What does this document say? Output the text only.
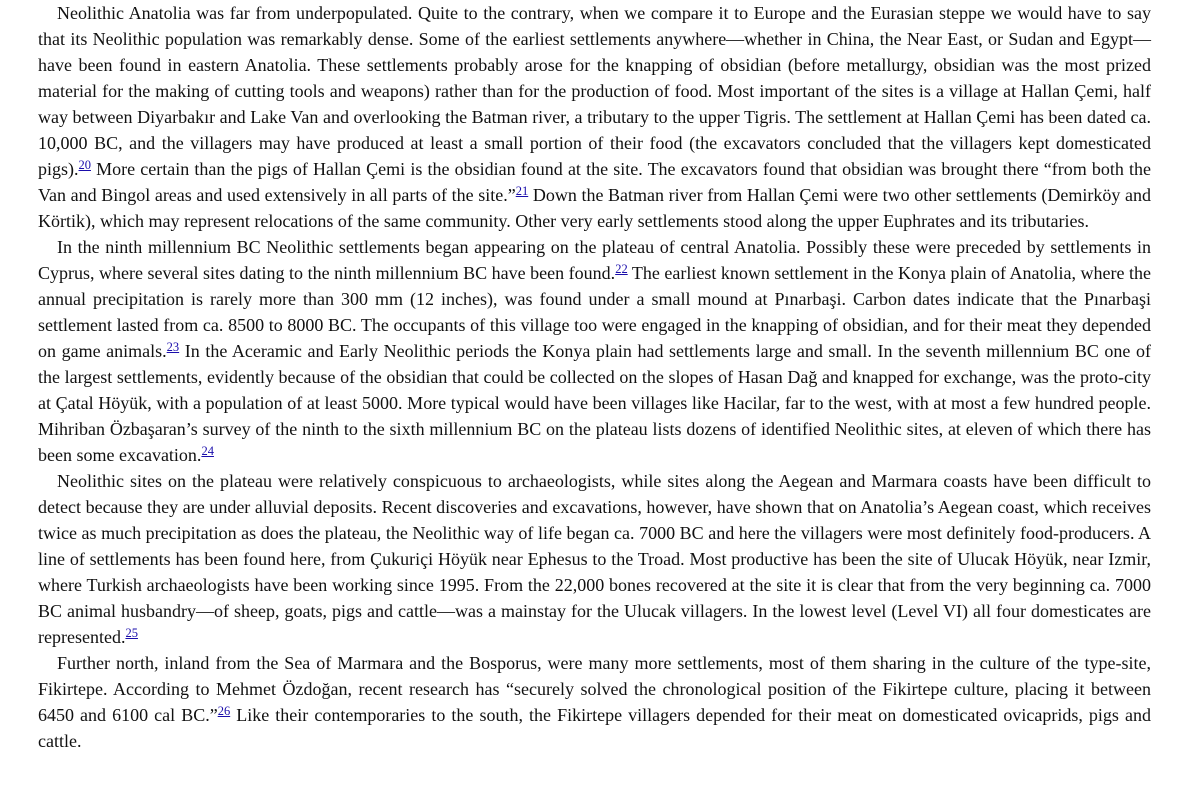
Neolithic Anatolia was far from underpopulated. Quite to the contrary, when we compare it to Europe and the Eurasian steppe we would have to say that its Neolithic population was remarkably dense. Some of the earliest settlements anywhere—whether in China, the Near East, or Sudan and Egypt—have been found in eastern Anatolia. These settlements probably arose for the knapping of obsidian (before metallurgy, obsidian was the most prized material for the making of cutting tools and weapons) rather than for the production of food. Most important of the sites is a village at Hallan Çemi, half way between Diyarbakır and Lake Van and overlooking the Batman river, a tributary to the upper Tigris. The settlement at Hallan Çemi has been dated ca. 10,000 BC, and the villagers may have produced at least a small portion of their food (the excavators concluded that the villagers kept domesticated pigs).$^{20}$ More certain than the pigs of Hallan Çemi is the obsidian found at the site. The excavators found that obsidian was brought there “from both the Van and Bingol areas and used extensively in all parts of the site.”$^{21}$ Down the Batman river from Hallan Çemi were two other settlements (Demirköy and Körtik), which may represent relocations of the same community. Other very early settlements stood along the upper Euphrates and its tributaries.

In the ninth millennium BC Neolithic settlements began appearing on the plateau of central Anatolia. Possibly these were preceded by settlements in Cyprus, where several sites dating to the ninth millennium BC have been found.$^{22}$ The earliest known settlement in the Konya plain of Anatolia, where the annual precipitation is rarely more than 300 mm (12 inches), was found under a small mound at Pınarbaşi. Carbon dates indicate that the Pınarbaşi settlement lasted from ca. 8500 to 8000 BC. The occupants of this village too were engaged in the knapping of obsidian, and for their meat they depended on game animals.$^{23}$ In the Aceramic and Early Neolithic periods the Konya plain had settlements large and small. In the seventh millennium BC one of the largest settlements, evidently because of the obsidian that could be collected on the slopes of Hasan Dağ and knapped for exchange, was the proto-city at Çatal Höyük, with a population of at least 5000. More typical would have been villages like Hacilar, far to the west, with at most a few hundred people. Mihriban Özbaşaran’s survey of the ninth to the sixth millennium BC on the plateau lists dozens of identified Neolithic sites, at eleven of which there has been some excavation.$^{24}$

Neolithic sites on the plateau were relatively conspicuous to archaeologists, while sites along the Aegean and Marmara coasts have been difficult to detect because they are under alluvial deposits. Recent discoveries and excavations, however, have shown that on Anatolia’s Aegean coast, which receives twice as much precipitation as does the plateau, the Neolithic way of life began ca. 7000 BC and here the villagers were most definitely food-producers. A line of settlements has been found here, from Çukuriçi Höyük near Ephesus to the Troad. Most productive has been the site of Ulucak Höyük, near Izmir, where Turkish archaeologists have been working since 1995. From the 22,000 bones recovered at the site it is clear that from the very beginning ca. 7000 BC animal husbandry—of sheep, goats, pigs and cattle—was a mainstay for the Ulucak villagers. In the lowest level (Level VI) all four domesticates are represented.$^{25}$

Further north, inland from the Sea of Marmara and the Bosporus, were many more settlements, most of them sharing in the culture of the type-site, Fikirtepe. According to Mehmet Özdoğan, recent research has “securely solved the chronological position of the Fikirtepe culture, placing it between 6450 and 6100 cal BC.”$^{26}$ Like their contemporaries to the south, the Fikirtepe villagers depended for their meat on domesticated ovicaprids, pigs and cattle.
